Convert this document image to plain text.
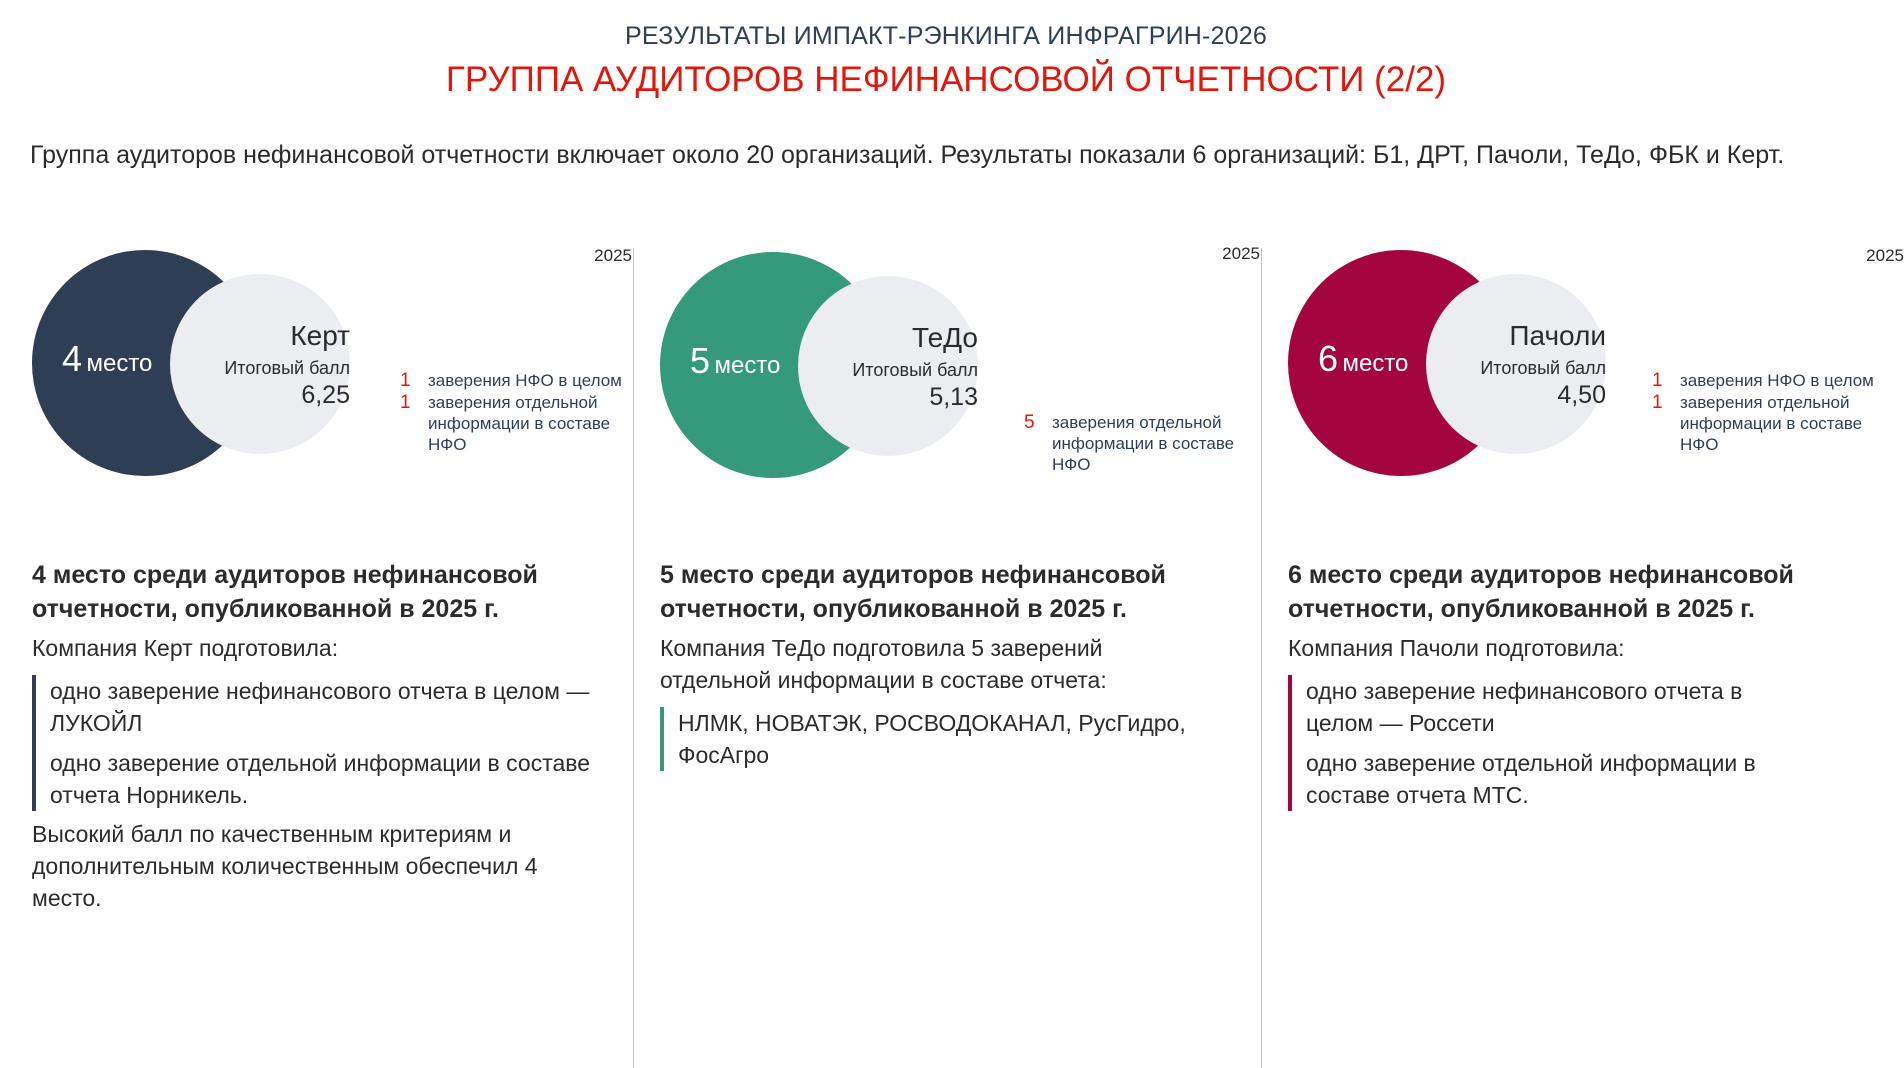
РЕЗУЛЬТАТЫ ИМПАКТ-РЭНКИНГА ИНФРАГРИН-2026
ГРУППА АУДИТОРОВ НЕФИНАНСОВОЙ ОТЧЕТНОСТИ (2/2)
Группа аудиторов нефинансовой отчетности включает около 20 организаций. Результаты показали 6 организаций: Б1, ДРТ, Пачоли, ТеДо, ФБК и Керт.
2025
4 место
Керт
Итоговый балл
6,25
1 заверения НФО в целом
1 заверения отдельной информации в составе НФО
4 место среди аудиторов нефинансовой отчетности, опубликованной в 2025 г.
Компания Керт подготовила:
одно заверение нефинансового отчета в целом — ЛУКОЙЛ
одно заверение отдельной информации в составе отчета Норникель.
Высокий балл по качественным критериям и дополнительным количественным обеспечил 4 место.
2025
5 место
ТеДо
Итоговый балл
5,13
5 заверения отдельной информации в составе НФО
5 место среди аудиторов нефинансовой отчетности, опубликованной в 2025 г.
Компания ТеДо подготовила 5 заверений отдельной информации в составе отчета:
НЛМК, НОВАТЭК, РОСВОДОКАНАЛ, РусГидро, ФосАгро
2025
6 место
Пачоли
Итоговый балл
4,50
1 заверения НФО в целом
1 заверения отдельной информации в составе НФО
6 место среди аудиторов нефинансовой отчетности, опубликованной в 2025 г.
Компания Пачоли подготовила:
одно заверение нефинансового отчета в целом — Россети
одно заверение отдельной информации в составе отчета МТС.
